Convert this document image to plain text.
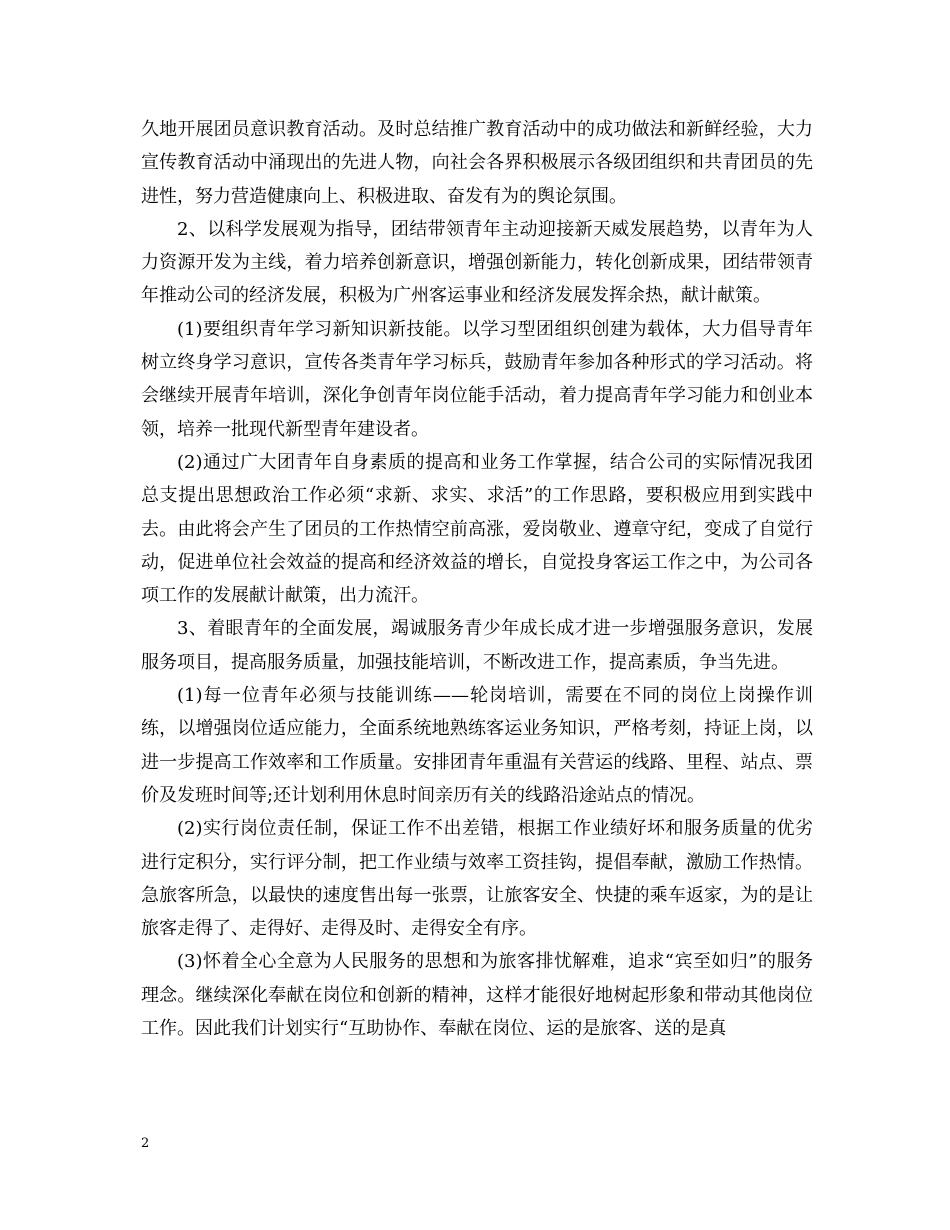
久地开展团员意识教育活动。及时总结推广教育活动中的成功做法和新鲜经验，大力宣传教育活动中涌现出的先进人物，向社会各界积极展示各级团组织和共青团员的先进性，努力营造健康向上、积极进取、奋发有为的舆论氛围。

2、以科学发展观为指导，团结带领青年主动迎接新天威发展趋势，以青年为人力资源开发为主线，着力培养创新意识，增强创新能力，转化创新成果，团结带领青年推动公司的经济发展，积极为广州客运事业和经济发展发挥余热，献计献策。

(1)要组织青年学习新知识新技能。以学习型团组织创建为载体，大力倡导青年树立终身学习意识，宣传各类青年学习标兵，鼓励青年参加各种形式的学习活动。将会继续开展青年培训，深化争创青年岗位能手活动，着力提高青年学习能力和创业本领，培养一批现代新型青年建设者。

(2)通过广大团青年自身素质的提高和业务工作掌握，结合公司的实际情况我团总支提出思想政治工作必须“求新、求实、求活”的工作思路，要积极应用到实践中去。由此将会产生了团员的工作热情空前高涨，爱岗敬业、遵章守纪，变成了自觉行动，促进单位社会效益的提高和经济效益的增长，自觉投身客运工作之中，为公司各项工作的发展献计献策，出力流汗。

3、着眼青年的全面发展，竭诚服务青少年成长成才进一步增强服务意识，发展服务项目，提高服务质量，加强技能培训，不断改进工作，提高素质，争当先进。

(1)每一位青年必须与技能训练——轮岗培训，需要在不同的岗位上岗操作训练，以增强岗位适应能力，全面系统地熟练客运业务知识，严格考刻，持证上岗，以进一步提高工作效率和工作质量。安排团青年重温有关营运的线路、里程、站点、票价及发班时间等;还计划利用休息时间亲历有关的线路沿途站点的情况。

(2)实行岗位责任制，保证工作不出差错，根据工作业绩好坏和服务质量的优劣进行定积分，实行评分制，把工作业绩与效率工资挂钩，提倡奉献，激励工作热情。急旅客所急，以最快的速度售出每一张票，让旅客安全、快捷的乘车返家，为的是让旅客走得了、走得好、走得及时、走得安全有序。

(3)怀着全心全意为人民服务的思想和为旅客排忧解难，追求“宾至如归”的服务理念。继续深化奉献在岗位和创新的精神，这样才能很好地树起形象和带动其他岗位工作。因此我们计划实行“互助协作、奉献在岗位、运的是旅客、送的是真

2
